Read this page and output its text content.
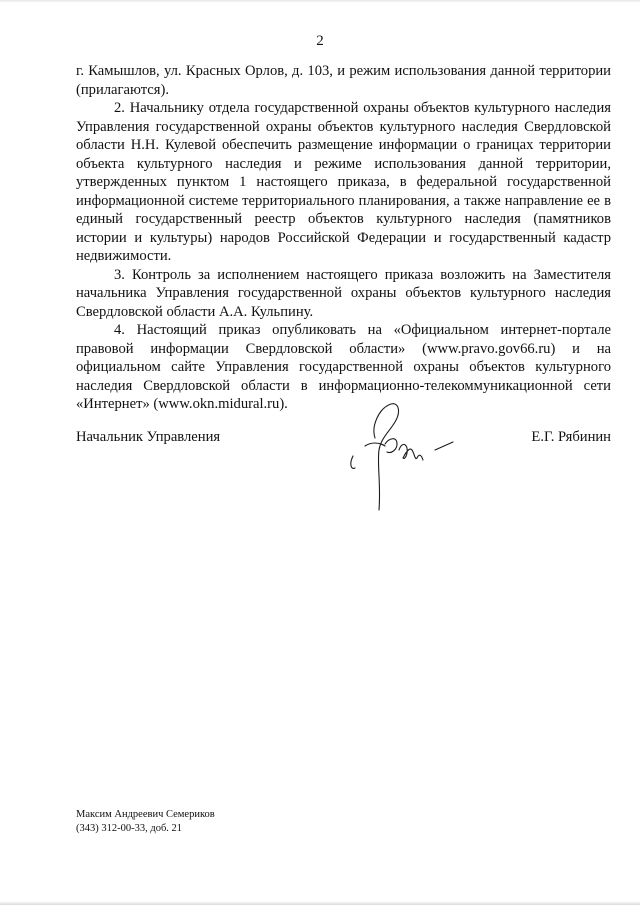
2

г. Камышлов, ул. Красных Орлов, д. 103, и режим использования данной территории (прилагаются).

2. Начальнику отдела государственной охраны объектов культурного наследия Управления государственной охраны объектов культурного наследия Свердловской области Н.Н. Кулевой обеспечить размещение информации о границах территории объекта культурного наследия и режиме использования данной территории, утвержденных пунктом 1 настоящего приказа, в федеральной государственной информационной системе территориального планирования, а также направление ее в единый государственный реестр объектов культурного наследия (памятников истории и культуры) народов Российской Федерации и государственный кадастр недвижимости.

3. Контроль за исполнением настоящего приказа возложить на Заместителя начальника Управления государственной охраны объектов культурного наследия Свердловской области А.А. Кульпину.

4. Настоящий приказ опубликовать на «Официальном интернет-портале правовой информации Свердловской области» (www.pravo.gov66.ru) и на официальном сайте Управления государственной охраны объектов культурного наследия Свердловской области в информационно-телекоммуникационной сети «Интернет» (www.okn.midural.ru).

Начальник Управления	Е.Г. Рябинин
Максим Андреевич Семериков
(343) 312-00-33, доб. 21
